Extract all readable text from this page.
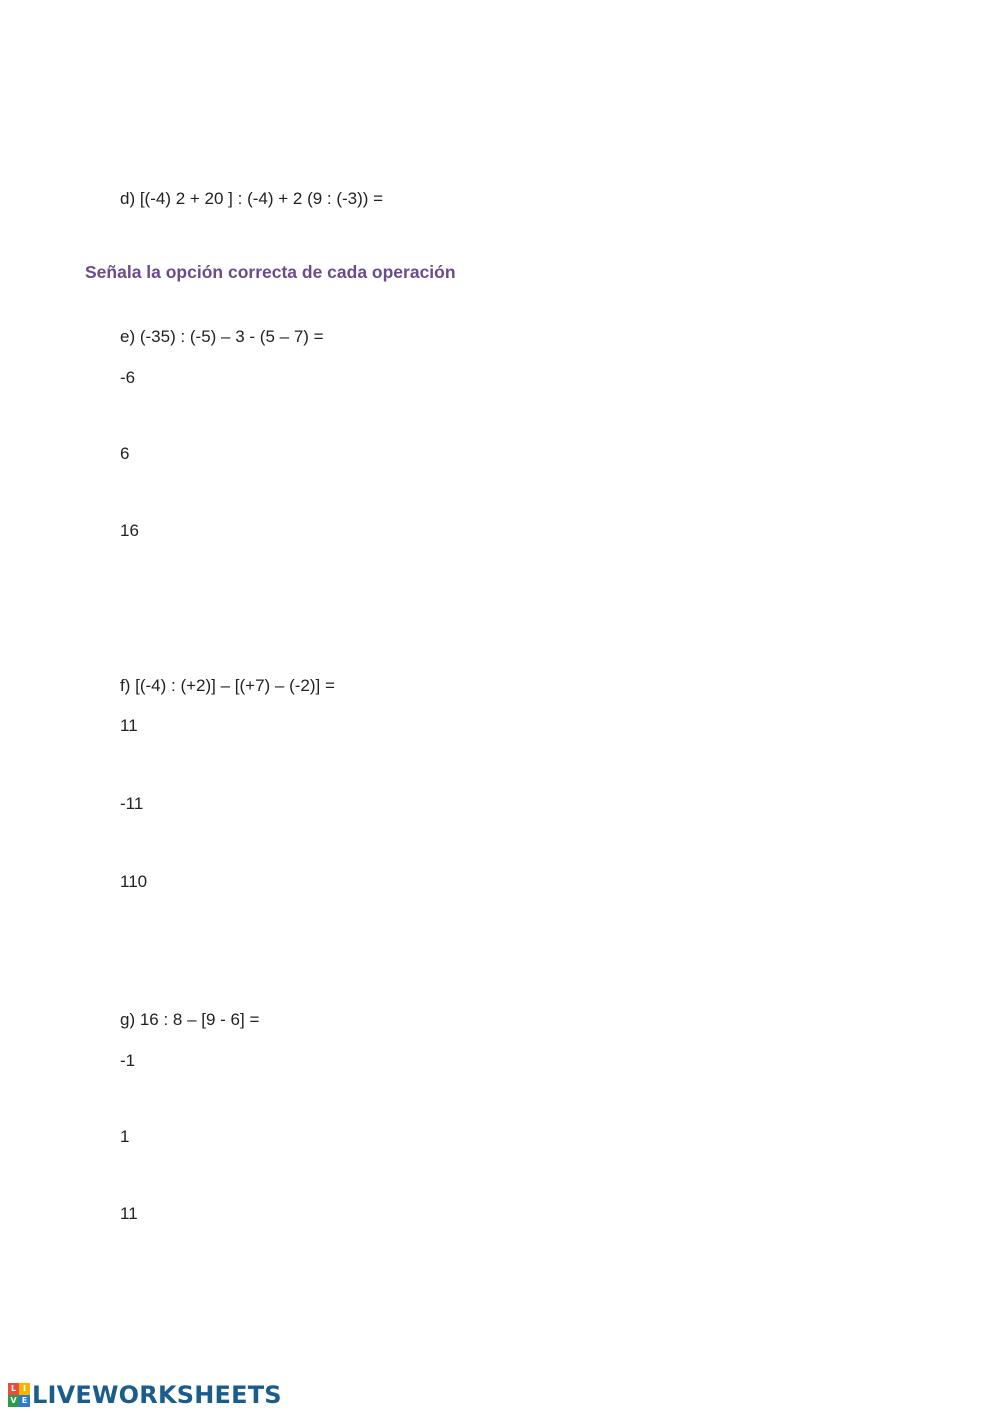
d) [(-4) 2 + 20 ] : (-4) + 2 (9 : (-3)) =
Señala la opción correcta de cada operación
e) (-35) : (-5) – 3 - (5 – 7) =
-6
6
16
f) [(-4) : (+2)] – [(+7) – (-2)] =
11
-11
110
g) 16 : 8 – [9 - 6] =
-1
1
11
L I
V E LIVEWORKSHEETS
